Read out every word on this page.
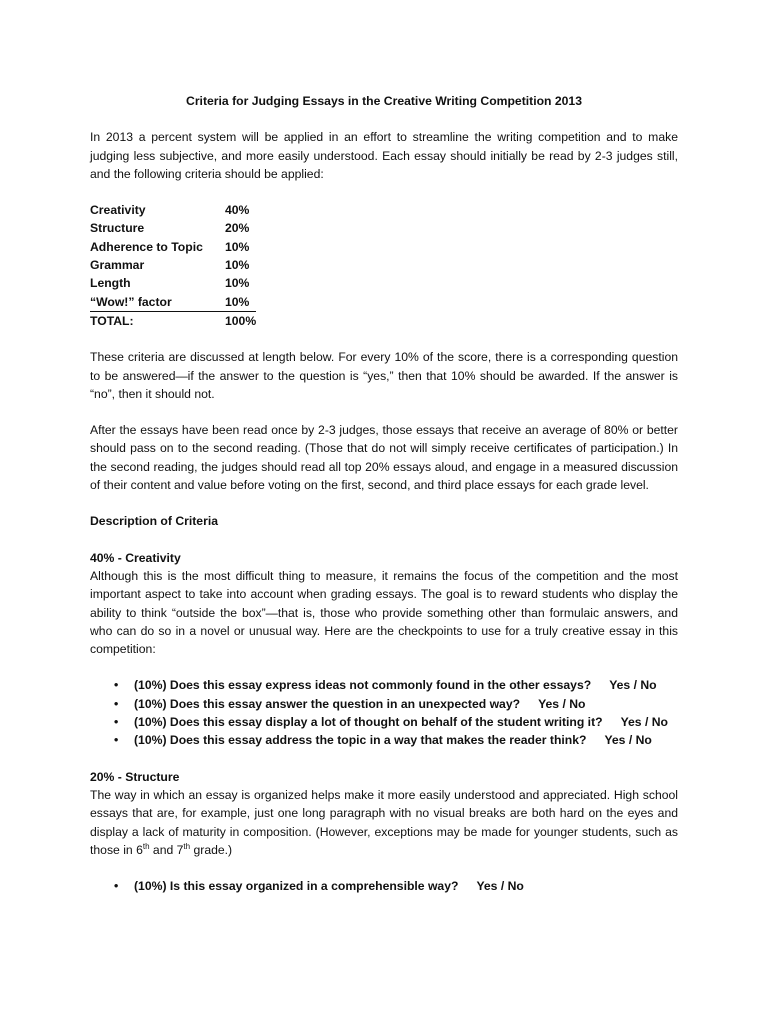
Criteria for Judging Essays in the Creative Writing Competition 2013

In 2013 a percent system will be applied in an effort to streamline the writing competition and to make judging less subjective, and more easily understood. Each essay should initially be read by 2-3 judges still, and the following criteria should be applied:

Creativity	40%
Structure	20%
Adherence to Topic	10%
Grammar	10%
Length	10%
“Wow!” factor	10%
TOTAL:	100%

These criteria are discussed at length below. For every 10% of the score, there is a corresponding question to be answered—if the answer to the question is “yes,” then that 10% should be awarded. If the answer is “no”, then it should not.

After the essays have been read once by 2-3 judges, those essays that receive an average of 80% or better should pass on to the second reading. (Those that do not will simply receive certificates of participation.) In the second reading, the judges should read all top 20% essays aloud, and engage in a measured discussion of their content and value before voting on the first, second, and third place essays for each grade level.

Description of Criteria
40% - Creativity

Although this is the most difficult thing to measure, it remains the focus of the competition and the most important aspect to take into account when grading essays. The goal is to reward students who display the ability to think “outside the box”—that is, those who provide something other than formulaic answers, and who can do so in a novel or unusual way. Here are the checkpoints to use for a truly creative essay in this competition:

• (10%) Does this essay express ideas not commonly found in the other essays? Yes / No
• (10%) Does this essay answer the question in an unexpected way? Yes / No
• (10%) Does this essay display a lot of thought on behalf of the student writing it? Yes / No
• (10%) Does this essay address the topic in a way that makes the reader think? Yes / No
20% - Structure

The way in which an essay is organized helps make it more easily understood and appreciated. High school essays that are, for example, just one long paragraph with no visual breaks are both hard on the eyes and display a lack of maturity in composition. (However, exceptions may be made for younger students, such as those in 6th and 7th grade.)

• (10%) Is this essay organized in a comprehensible way? Yes / No
